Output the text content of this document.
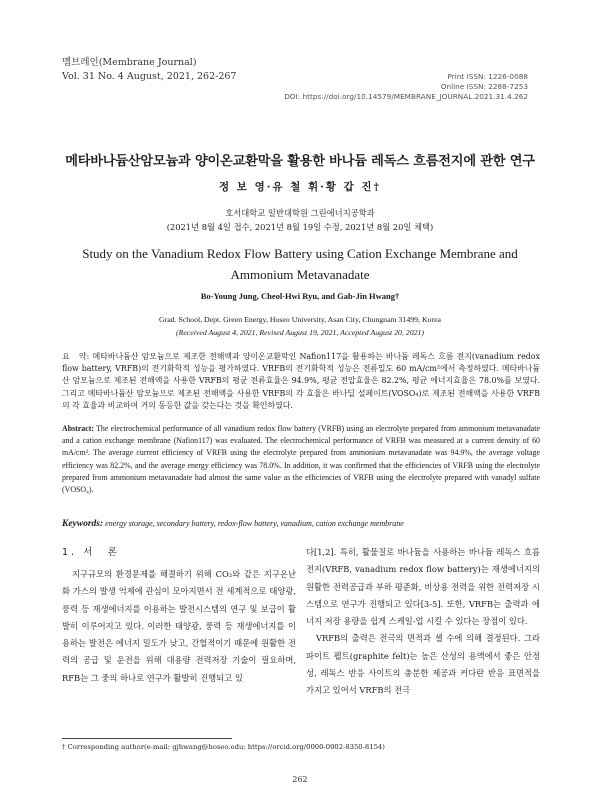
멤브레인(Membrane Journal)
Vol. 31 No. 4 August, 2021, 262-267	Print ISSN: 1226-0088
Online ISSN: 2288-7253
DOI: https://doi.org/10.14579/MEMBRANE_JOURNAL.2021.31.4.262
메타바나듐산암모늄과 양이온교환막을 활용한 바나듐 레독스 흐름전지에 관한 연구
정 보 영·유 철 휘·황 갑 진†
호서대학교 일반대학원 그린에너지공학과
(2021년 8월 4일 접수, 2021년 8월 19일 수정, 2021년 8월 20일 채택)
Study on the Vanadium Redox Flow Battery using Cation Exchange Membrane and
Ammonium Metavanadate
Bo-Young Jung, Cheol-Hwi Ryu, and Gab-Jin Hwang†
Grad. School, Dept. Green Energy, Hoseo University, Asan City, Chungnam 31499, Korea
(Received August 4, 2021, Revised August 19, 2021, Accepted August 20, 2021)
요　약: 메타바나듐산 암모늄으로 제조한 전해액과 양이온교환막인 Nafion117을 활용하는 바나듐 레독스 흐름 전지(vanadium redox flow battery, VRFB)의 전기화학적 성능을 평가하였다. VRFB의 전기화학적 성능은 전류밀도 60 mA/cm²에서 측정하였다. 메타바나듐산 암모늄으로 제조된 전해액을 사용한 VRFB의 평균 전류효율은 94.9%, 평균 전압효율은 82.2%, 평균 에너지효율은 78.0%를 보였다. 그리고 메타바나듐산 암모늄으로 제조된 전해액을 사용한 VRFB의 각 효율은 바나딜 설페이트(VOSO₄)로 제조된 전해액을 사용한 VRFB의 각 효율과 비교하여 거의 동등한 값을 갖는다는 것을 확인하였다.
Abstract: The electrochemical performance of all vanadium redox flow battery (VRFB) using an electrolyte prepared from ammonium metavanadate and a cation exchange membrane (Nafion117) was evaluated. The electrochemical performance of VRFB was measured at a current density of 60 mA/cm². The average current efficiency of VRFB using the electrolyte prepared from ammonium metavanadate was 94.9%, the average voltage efficiency was 82.2%, and the average energy efficiency was 78.0%. In addition, it was confirmed that the efficiencies of VRFB using the electrolyte prepared from ammonium metavanadate had almost the same value as the efficiencies of VRFB using the electrolyte prepared with vanadyl sulfate (VOSO₄).
Keywords: energy storage, secondary battery, redox-flow battery, vanadium, cation exchange membrane
1. 서　론

지구규모의 환경문제를 해결하기 위해 CO₂와 같은 지구온난화 가스의 발생 억제에 관심이 모아지면서 전 세계적으로 태양광, 풍력 등 재생에너지를 이용하는 발전시스템의 연구 및 보급이 활발히 이루어지고 있다. 이러한 태양광, 풍력 등 재생에너지를 이용하는 발전은 에너지 밀도가 낮고, 간헐적이기 때문에 원활한 전력의 공급 및 운전을 위해 대용량 전력저장 기술이 필요하며, RFB는 그 중의 하나로 연구가 활발히 진행되고 있

다[1,2]. 특히, 활물질로 바나듐을 사용하는 바나듐 레독스 흐름 전지(VRFB, vanadium redox flow battery)는 재생에너지의 원활한 전력공급과 부하 평준화, 비상용 전력을 위한 전력저장 시스템으로 연구가 진행되고 있다[3-5]. 또한, VRFB는 출력과 에너지 저장 용량을 쉽게 스케일-업 시킬 수 있다는 장점이 있다.

VRFB의 출력은 전극의 면적과 셀 수에 의해 결정된다. 그라파이트 펠트(graphite felt)는 높은 산성의 용액에서 좋은 안정성, 레독스 반응 사이트의 충분한 제공과 커다란 반응 표면적을 가지고 있어서 VRFB의 전극

† Corresponding author(e-mail: gjhwang@hoseo.edu; https://orcid.org/0000-0002-8350-8154)
262
